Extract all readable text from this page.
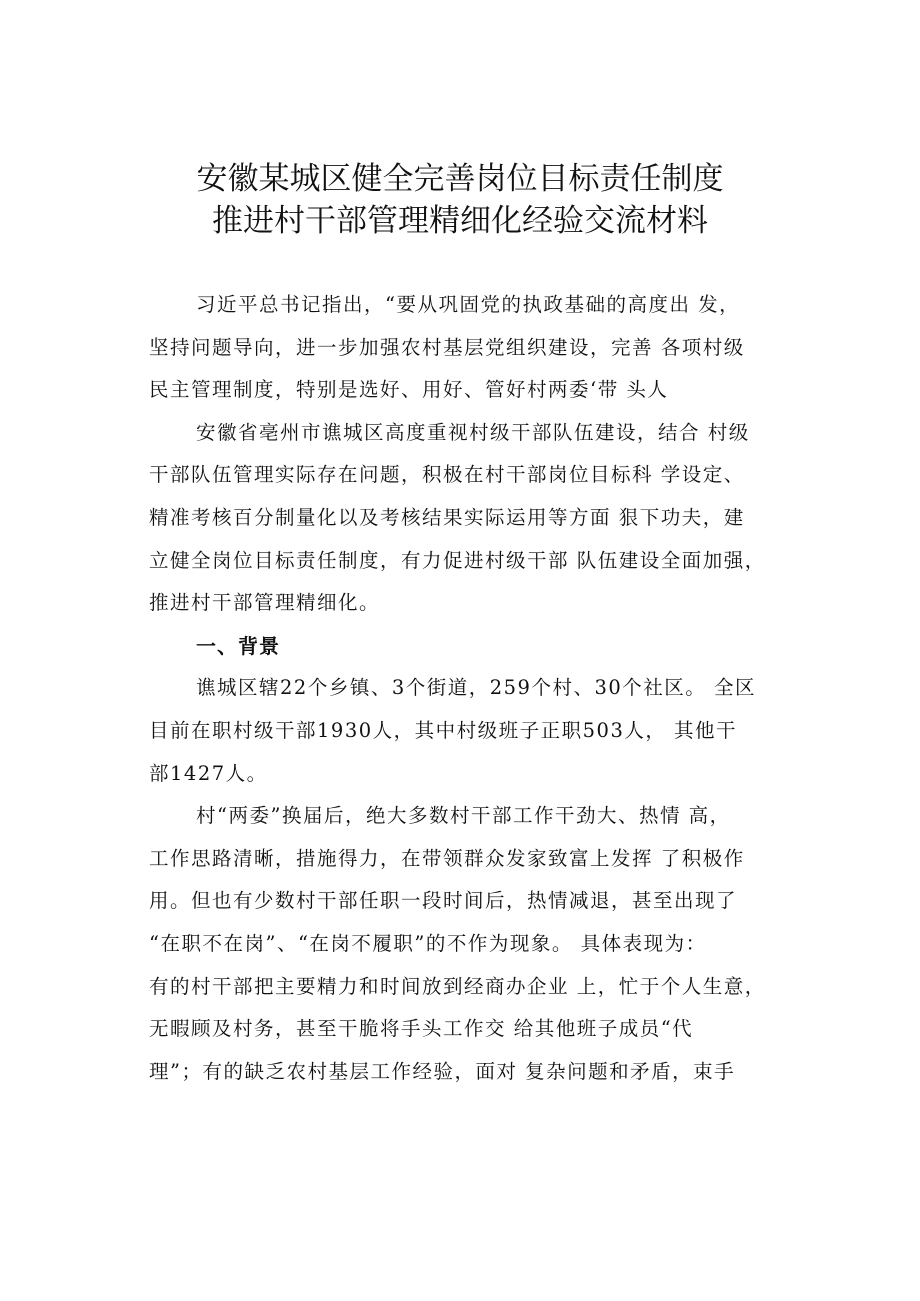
安徽某城区健全完善岗位目标责任制度
推进村干部管理精细化经验交流材料
习近平总书记指出，“要从巩固党的执政基础的高度出 发，
坚持问题导向，进一步加强农村基层党组织建设，完善 各项村级
民主管理制度，特别是选好、用好、管好村两委‘带 头人
安徽省亳州市谯城区高度重视村级干部队伍建设，结合 村级
干部队伍管理实际存在问题，积极在村干部岗位目标科 学设定、
精准考核百分制量化以及考核结果实际运用等方面 狠下功夫，建
立健全岗位目标责任制度，有力促进村级干部 队伍建设全面加强，
推进村干部管理精细化。
一、背景
谯城区辖22个乡镇、3个街道，259个村、30个社区。 全区
目前在职村级干部1930人，其中村级班子正职503人， 其他干
部1427人。
村“两委”换届后，绝大多数村干部工作干劲大、热情 高，
工作思路清晰，措施得力，在带领群众发家致富上发挥 了积极作
用。但也有少数村干部任职一段时间后，热情减退，甚至出现了
“在职不在岗”、“在岗不履职”的不作为现象。 具体表现为：
有的村干部把主要精力和时间放到经商办企业 上，忙于个人生意，
无暇顾及村务，甚至干脆将手头工作交 给其他班子成员“代
理”；有的缺乏农村基层工作经验，面对 复杂问题和矛盾，束手
